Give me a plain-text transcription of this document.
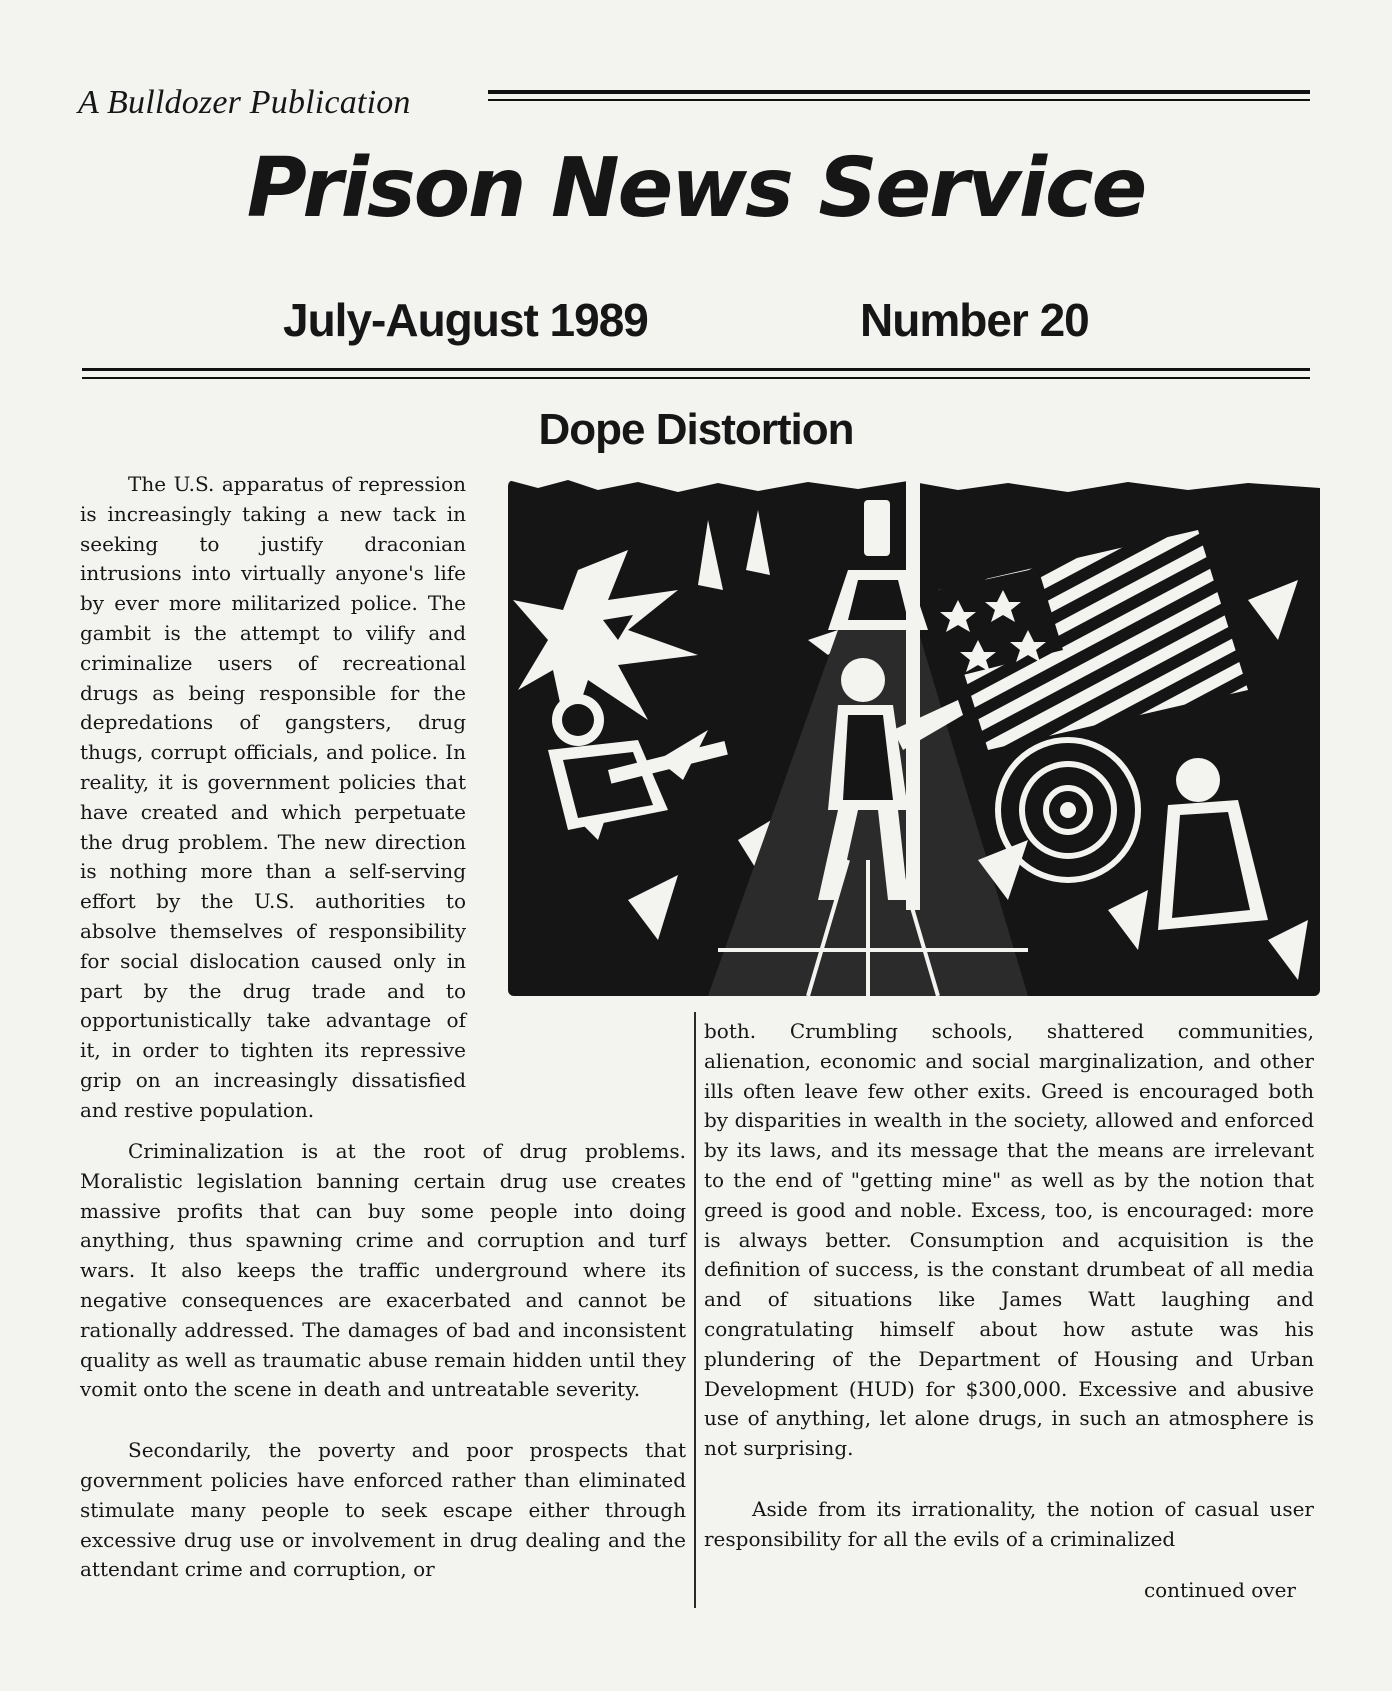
A Bulldozer Publication
Prison News Service
July-August 1989	Number 20
Dope Distortion

The U.S. apparatus of repression is increasingly taking a new tack in seeking to justify draconian intrusions into virtually anyone's life by ever more militarized police. The gambit is the attempt to vilify and criminalize users of recreational drugs as being responsible for the depredations of gangsters, drug thugs, corrupt officials, and police. In reality, it is government policies that have created and which perpetuate the drug problem. The new direction is nothing more than a self-serving effort by the U.S. authorities to absolve themselves of responsibility for social dislocation caused only in part by the drug trade and to opportunistically take advantage of it, in order to tighten its repressive grip on an increasingly dissatisfied and restive population.

Criminalization is at the root of drug problems. Moralistic legislation banning certain drug use creates massive profits that can buy some people into doing anything, thus spawning crime and corruption and turf wars. It also keeps the traffic underground where its negative consequences are exacerbated and cannot be rationally addressed. The damages of bad and inconsistent quality as well as traumatic abuse remain hidden until they vomit onto the scene in death and untreatable severity.

Secondarily, the poverty and poor prospects that government policies have enforced rather than eliminated stimulate many people to seek escape either through excessive drug use or involvement in drug dealing and the attendant crime and corruption, or

both. Crumbling schools, shattered communities, alienation, economic and social marginalization, and other ills often leave few other exits. Greed is encouraged both by disparities in wealth in the society, allowed and enforced by its laws, and its message that the means are irrelevant to the end of "getting mine" as well as by the notion that greed is good and noble. Excess, too, is encouraged: more is always better. Consumption and acquisition is the definition of success, is the constant drumbeat of all media and of situations like James Watt laughing and congratulating himself about how astute was his plundering of the Department of Housing and Urban Development (HUD) for $300,000. Excessive and abusive use of anything, let alone drugs, in such an atmosphere is not surprising.

Aside from its irrationality, the notion of casual user responsibility for all the evils of a criminalized

continued over
